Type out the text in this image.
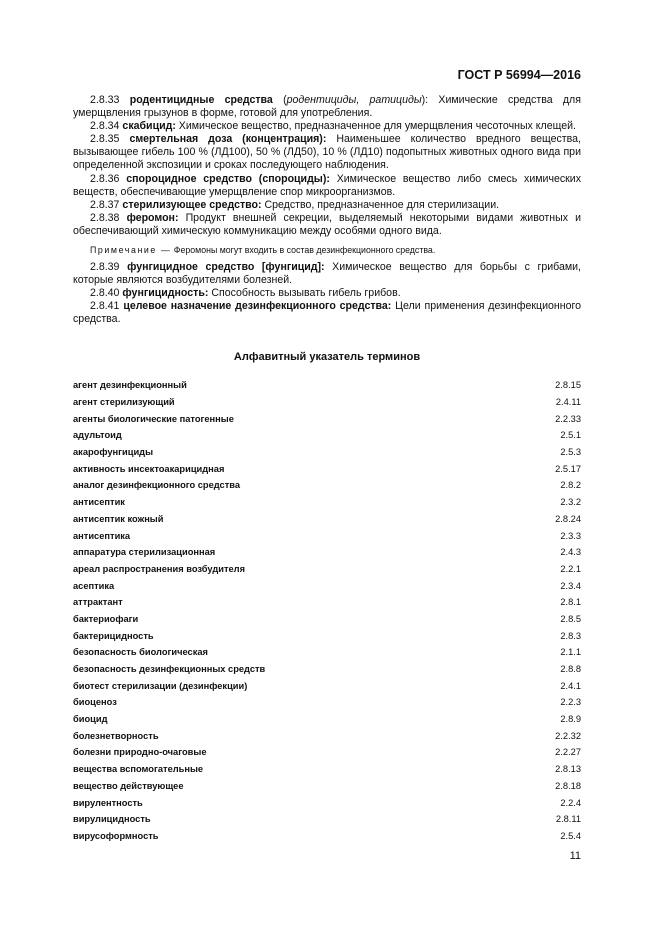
ГОСТ Р 56994—2016

2.8.33 родентицидные средства (родентициды, ратициды): Химические средства для умерщвления грызунов в форме, готовой для употребления.

2.8.34 скабицид: Химическое вещество, предназначенное для умерщвления чесоточных клещей.

2.8.35 смертельная доза (концентрация): Наименьшее количество вредного вещества, вызывающее гибель 100 % (ЛД100), 50 % (ЛД50), 10 % (ЛД10) подопытных животных одного вида при определенной экспозиции и сроках последующего наблюдения.

2.8.36 спороцидное средство (спороциды): Химическое вещество либо смесь химических веществ, обеспечивающие умерщвление спор микроорганизмов.

2.8.37 стерилизующее средство: Средство, предназначенное для стерилизации.

2.8.38 феромон: Продукт внешней секреции, выделяемый некоторыми видами животных и обеспечивающий химическую коммуникацию между особями одного вида.

Примечание — Феромоны могут входить в состав дезинфекционного средства.

2.8.39 фунгицидное средство [фунгицид]: Химическое вещество для борьбы с грибами, которые являются возбудителями болезней.

2.8.40 фунгицидность: Способность вызывать гибель грибов.

2.8.41 целевое назначение дезинфекционного средства: Цели применения дезинфекционного средства.

Алфавитный указатель терминов
агент дезинфекционный	2.8.15
агент стерилизующий	2.4.11
агенты биологические патогенные	2.2.33
адультоид	2.5.1
акарофунгициды	2.5.3
активность инсектоакарицидная	2.5.17
аналог дезинфекционного средства	2.8.2
антисептик	2.3.2
антисептик кожный	2.8.24
антисептика	2.3.3
аппаратура стерилизационная	2.4.3
ареал распространения возбудителя	2.2.1
асептика	2.3.4
аттрактант	2.8.1
бактериофаги	2.8.5
бактерицидность	2.8.3
безопасность биологическая	2.1.1
безопасность дезинфекционных средств	2.8.8
биотест стерилизации (дезинфекции)	2.4.1
биоценоз	2.2.3
биоцид	2.8.9
болезнетворность	2.2.32
болезни природно-очаговые	2.2.27
вещества вспомогательные	2.8.13
вещество действующее	2.8.18
вирулентность	2.2.4
вирулицидность	2.8.11
вирусоформность	2.5.4
11
